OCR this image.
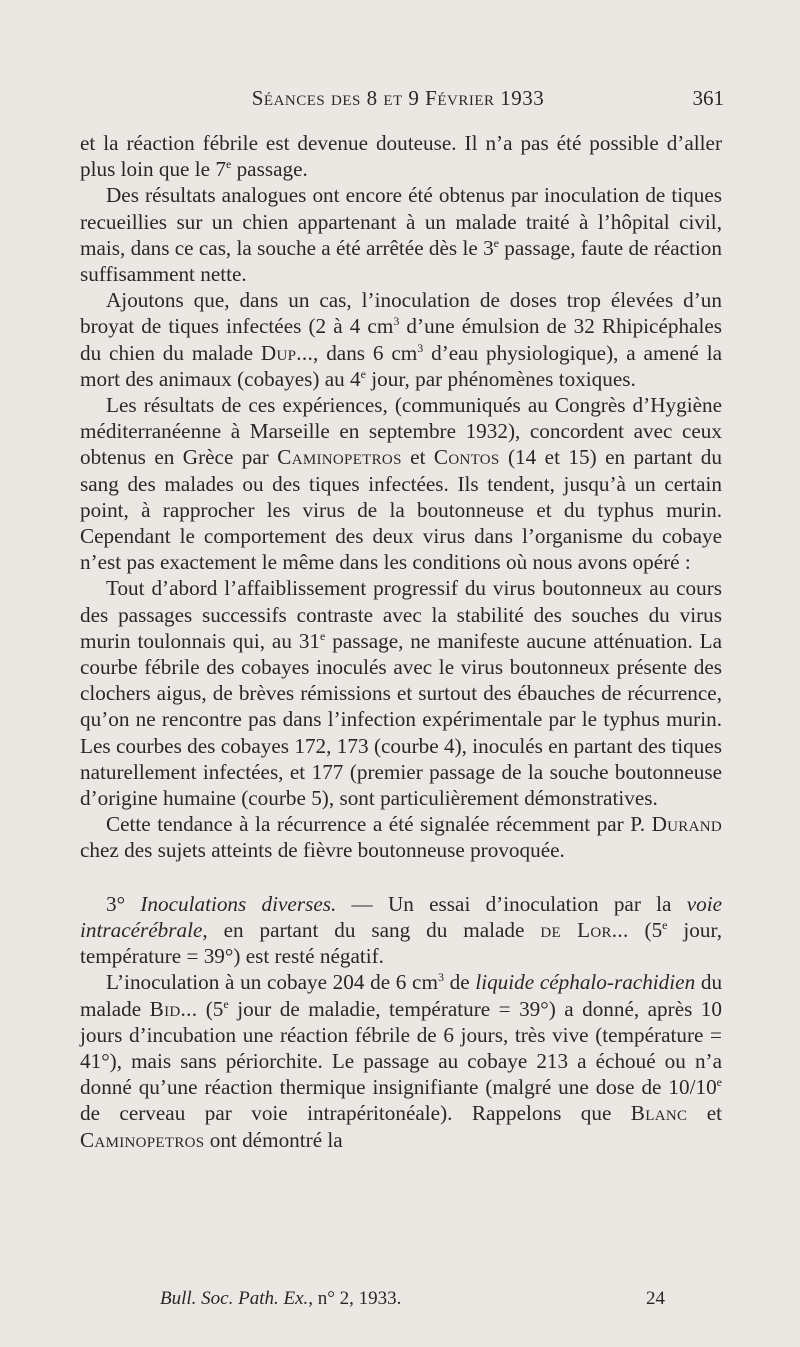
Séances des 8 et 9 Février 1933	361

et la réaction fébrile est devenue douteuse. Il n’a pas été possible d’aller plus loin que le 7e passage.

Des résultats analogues ont encore été obtenus par inoculation de tiques recueillies sur un chien appartenant à un malade traité à l’hôpital civil, mais, dans ce cas, la souche a été arrêtée dès le 3e passage, faute de réaction suffisamment nette.

Ajoutons que, dans un cas, l’inoculation de doses trop élevées d’un broyat de tiques infectées (2 à 4 $cm^3$ d’une émulsion de 32 Rhipicéphales du chien du malade Dup..., dans 6 $cm^3$ d’eau physiologique), a amené la mort des animaux (cobayes) au 4e jour, par phénomènes toxiques.

Les résultats de ces expériences, (communiqués au Congrès d’Hygiène méditerranéenne à Marseille en septembre 1932), concordent avec ceux obtenus en Grèce par Caminopetros et Contos (14 et 15) en partant du sang des malades ou des tiques infectées. Ils tendent, jusqu’à un certain point, à rapprocher les virus de la boutonneuse et du typhus murin. Cependant le comportement des deux virus dans l’organisme du cobaye n’est pas exactement le même dans les conditions où nous avons opéré :

Tout d’abord l’affaiblissement progressif du virus boutonneux au cours des passages successifs contraste avec la stabilité des souches du virus murin toulonnais qui, au 31e passage, ne manifeste aucune atténuation. La courbe fébrile des cobayes inoculés avec le virus boutonneux présente des clochers aigus, de brèves rémissions et surtout des ébauches de récurrence, qu’on ne rencontre pas dans l’infection expérimentale par le typhus murin. Les courbes des cobayes 172, 173 (courbe 4), inoculés en partant des tiques naturellement infectées, et 177 (premier passage de la souche boutonneuse d’origine humaine (courbe 5), sont particulièrement démonstratives.

Cette tendance à la récurrence a été signalée récemment par P. Durand chez des sujets atteints de fièvre boutonneuse provoquée.

3° Inoculations diverses. — Un essai d’inoculation par la voie intracérébrale, en partant du sang du malade de Lor... (5e jour, température = 39°) est resté négatif.

L’inoculation à un cobaye 204 de 6 $cm^3$ de liquide céphalo-rachidien du malade Bid... (5e jour de maladie, température = 39°) a donné, après 10 jours d’incubation une réaction fébrile de 6 jours, très vive (température = 41°), mais sans périorchite. Le passage au cobaye 213 a échoué ou n’a donné qu’une réaction thermique insignifiante (malgré une dose de 10/10e de cerveau par voie intrapéritonéale). Rappelons que Blanc et Caminopetros ont démontré la

Bull. Soc. Path. Ex., n° 2, 1933.	24
